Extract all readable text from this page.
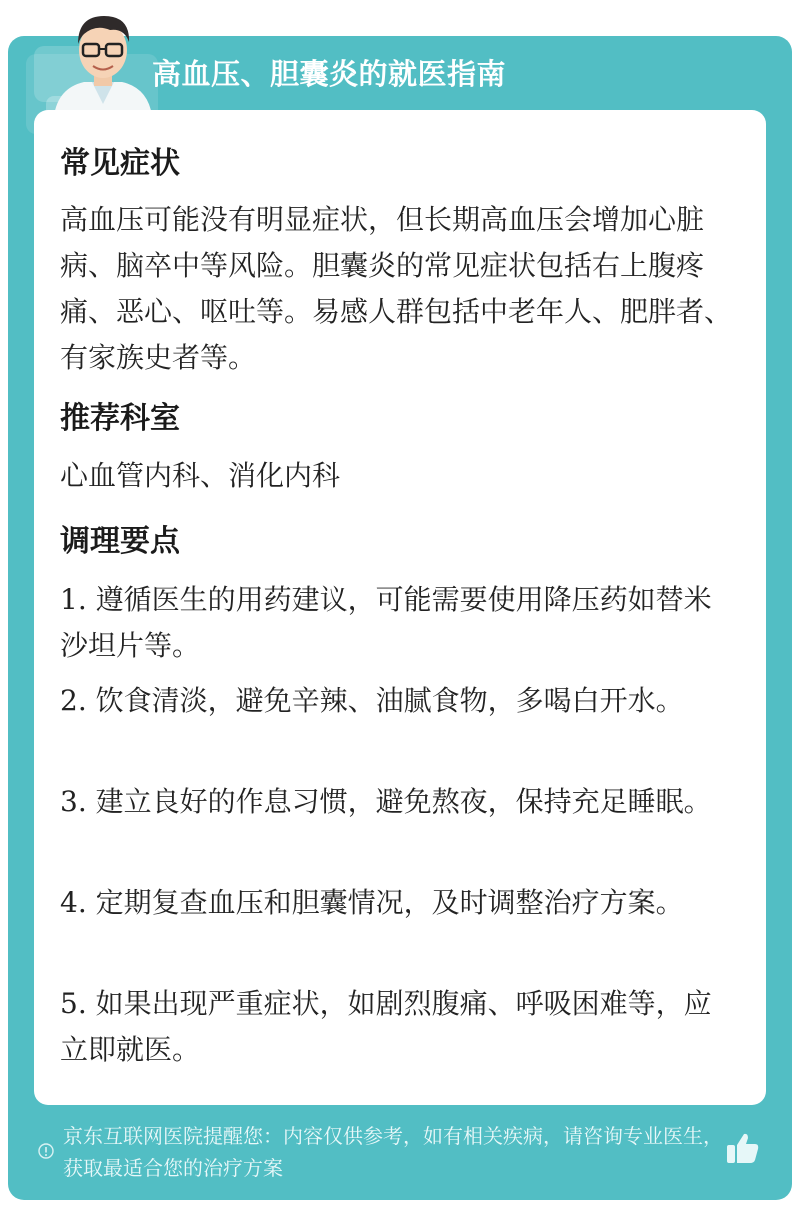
高血压、胆囊炎的就医指南
常见症状
高血压可能没有明显症状，但长期高血压会增加心脏病、脑卒中等风险。胆囊炎的常见症状包括右上腹疼痛、恶心、呕吐等。易感人群包括中老年人、肥胖者、有家族史者等。
推荐科室
心血管内科、消化内科
调理要点
1. 遵循医生的用药建议，可能需要使用降压药如替米沙坦片等。
2. 饮食清淡，避免辛辣、油腻食物，多喝白开水。
3. 建立良好的作息习惯，避免熬夜，保持充足睡眠。
4. 定期复查血压和胆囊情况，及时调整治疗方案。
5. 如果出现严重症状，如剧烈腹痛、呼吸困难等，应立即就医。
京东互联网医院提醒您：内容仅供参考，如有相关疾病，请咨询专业医生，获取最适合您的治疗方案
